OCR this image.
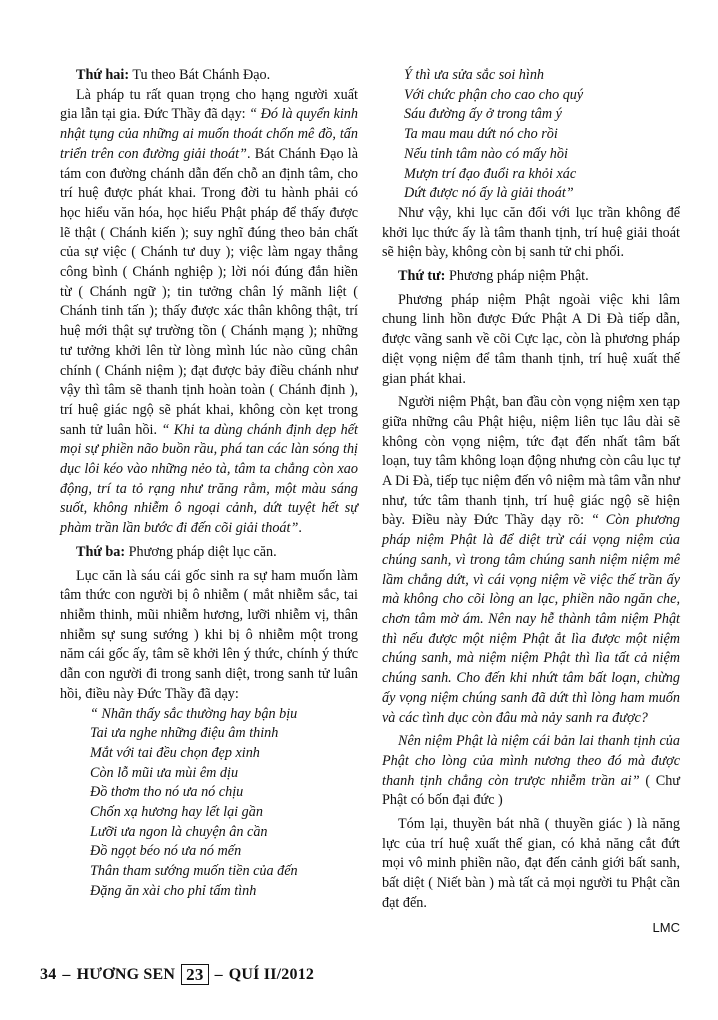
Thứ hai: Tu theo Bát Chánh Đạo.

Là pháp tu rất quan trọng cho hạng người xuất gia lẫn tại gia. Đức Thầy đã dạy: “ Đó là quyển kinh nhật tụng của những ai muốn thoát chốn mê đồ, tấn triển trên con đường giải thoát”. Bát Chánh Đạo là tám con đường chánh dẫn đến chỗ an định tâm, cho trí huệ được phát khai. Trong đời tu hành phải có học hiểu văn hóa, học hiểu Phật pháp để thấy được lẽ thật ( Chánh kiến ); suy nghĩ đúng theo bản chất của sự việc ( Chánh tư duy ); việc làm ngay thẳng công bình ( Chánh nghiệp ); lời nói đúng đắn hiền từ ( Chánh ngữ ); tin tưởng chân lý mãnh liệt ( Chánh tinh tấn ); thấy được xác thân không thật, trí huệ mới thật sự trường tồn ( Chánh mạng ); những tư tưởng khởi lên từ lòng mình lúc nào cũng chân chính ( Chánh niệm ); đạt được bảy điều chánh như vậy thì tâm sẽ thanh tịnh hoàn toàn ( Chánh định ), trí huệ giác ngộ sẽ phát khai, không còn kẹt trong sanh tử luân hồi. “ Khi ta dùng chánh định dẹp hết mọi sự phiền não buồn rầu, phá tan các làn sóng thị dục lôi kéo vào những nẻo tà, tâm ta chẳng còn xao động, trí ta tỏ rạng như trăng rằm, một màu sáng suốt, không nhiễm ô ngoại cảnh, dứt tuyệt hết sự phàm trần lần bước đi đến cõi giải thoát”.

Thứ ba: Phương pháp diệt lục căn.

Lục căn là sáu cái gốc sinh ra sự ham muốn làm tâm thức con người bị ô nhiễm ( mắt nhiễm sắc, tai nhiễm thinh, mũi nhiễm hương, lưỡi nhiễm vị, thân nhiễm sự sung sướng ) khi bị ô nhiễm một trong năm cái gốc ấy, tâm sẽ khởi lên ý thức, chính ý thức dẫn con người đi trong sanh diệt, trong sanh tử luân hồi, điều này Đức Thầy đã dạy:

“ Nhãn thấy sắc thường hay bận bịu
Tai ưa nghe những điệu âm thinh
Mắt với tai đều chọn đẹp xinh
Còn lỗ mũi ưa mùi êm dịu
Đồ thơm tho nó ưa nó chịu
Chốn xạ hương hay lết lại gần
Lưỡi ưa ngon là chuyện ân cần
Đồ ngọt béo nó ưa nó mến
Thân tham sướng muốn tiền của đến
Đặng ăn xài cho phỉ tấm tình
Ý thì ưa sửa sắc soi hình
Với chức phận cho cao cho quý
Sáu đường ấy ở trong tâm ý
Ta mau mau dứt nó cho rồi
Nếu tỉnh tâm nào có mấy hồi
Mượn trí đạo đuổi ra khỏi xác
Dứt được nó ấy là giải thoát”

Như vậy, khi lục căn đối với lục trần không để khởi lục thức ấy là tâm thanh tịnh, trí huệ giải thoát sẽ hiện bày, không còn bị sanh tử chi phối.

Thứ tư: Phương pháp niệm Phật.

Phương pháp niệm Phật ngoài việc khi lâm chung linh hồn được Đức Phật A Di Đà tiếp dẫn, được vãng sanh về cõi Cực lạc, còn là phương pháp diệt vọng niệm để tâm thanh tịnh, trí huệ xuất thế gian phát khai.

Người niệm Phật, ban đầu còn vọng niệm xen tạp giữa những câu Phật hiệu, niệm liên tục lâu dài sẽ không còn vọng niệm, tức đạt đến nhất tâm bất loạn, tuy tâm không loạn động nhưng còn câu lục tự A Di Đà, tiếp tục niệm đến vô niệm mà tâm vẫn như như, tức tâm thanh tịnh, trí huệ giác ngộ sẽ hiện bày. Điều này Đức Thầy dạy rõ: “ Còn phương pháp niệm Phật là để diệt trừ cái vọng niệm của chúng sanh, vì trong tâm chúng sanh niệm niệm mê lầm chẳng dứt, vì cái vọng niệm về việc thế trần ấy mà không cho cõi lòng an lạc, phiền não ngăn che, chơn tâm mờ ám. Nên nay hễ thành tâm niệm Phật thì nếu được một niệm Phật ắt lìa được một niệm chúng sanh, mà niệm niệm Phật thì lìa tất cả niệm chúng sanh. Cho đến khi nhứt tâm bất loạn, chừng ấy vọng niệm chúng sanh đã dứt thì lòng ham muốn và các tình dục còn đâu mà nảy sanh ra được?

Nên niệm Phật là niệm cái bản lai thanh tịnh của Phật cho lòng của mình nương theo đó mà được thanh tịnh chẳng còn trược nhiễm trần ai” ( Chư Phật có bốn đại đức )

Tóm lại, thuyền bát nhã ( thuyền giác ) là năng lực của trí huệ xuất thế gian, có khả năng cắt đứt mọi vô minh phiền não, đạt đến cảnh giới bất sanh, bất diệt ( Niết bàn ) mà tất cả mọi người tu Phật cần đạt đến.

LMC
34 – HƯƠNG SEN 23 – QUÍ II/2012
